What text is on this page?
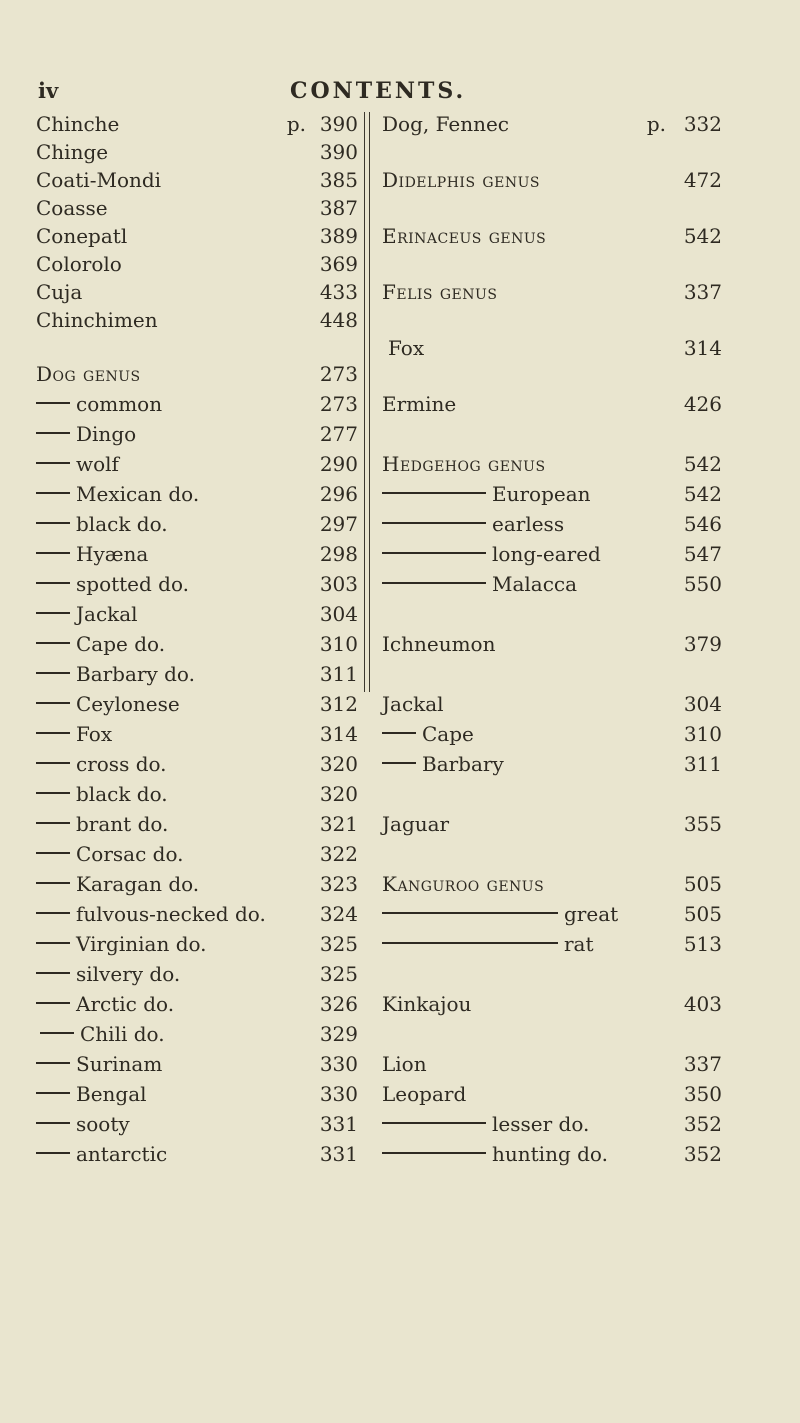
iv	CONTENTS.
Chinche	p. 390
Chinge	390
Coati-Mondi	385
Coasse	387
Conepatl	389
Colorolo	369
Cuja	433
Chinchimen	448
Dog genus	273
common	273
Dingo	277
wolf	290
Mexican do.	296
black do.	297
Hyæna	298
spotted do.	303
Jackal	304
Cape do.	310
Barbary do.	311
Ceylonese	312
Fox	314
cross do.	320
black do.	320
brant do.	321
Corsac do.	322
Karagan do.	323
fulvous-necked do.	324
Virginian do.	325
silvery do.	325
Arctic do.	326
Chili do.	329
Surinam	330
Bengal	330
sooty	331
antarctic	331
Dog, Fennec	p. 332
Didelphis genus	472
Erinaceus genus	542
Felis genus	337
Fox	314
Ermine	426
Hedgehog genus	542
European	542
earless	546
long-eared	547
Malacca	550
Ichneumon	379
Jackal	304
Cape	310
Barbary	311
Jaguar	355
Kanguroo genus	505
great	505
rat	513
Kinkajou	403
Lion	337
Leopard	350
lesser do.	352
hunting do.	352
